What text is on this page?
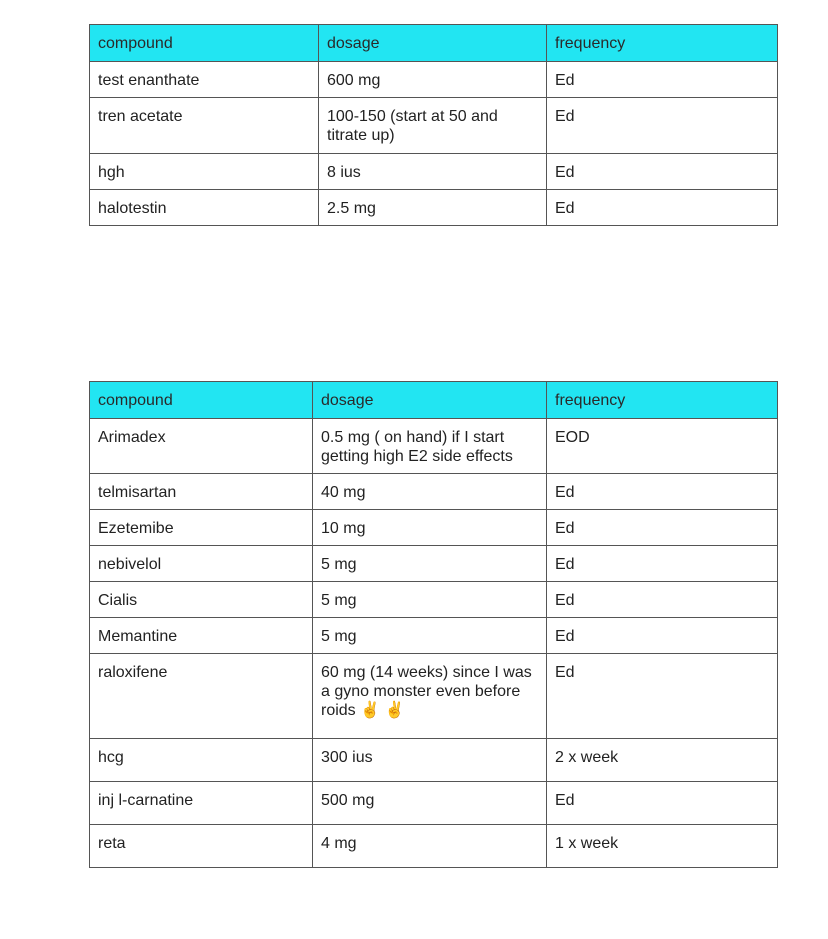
compound	dosage	frequency
test enanthate	600 mg	Ed
tren acetate	100-150 (start at 50 and titrate up)	Ed
hgh	8 ius	Ed
halotestin	2.5 mg	Ed
compound	dosage	frequency
Arimadex	0.5 mg ( on hand) if I start getting high E2 side effects	EOD
telmisartan	40 mg	Ed
Ezetemibe	10 mg	Ed
nebivelol	5 mg	Ed
Cialis	5 mg	Ed
Memantine	5 mg	Ed
raloxifene	60 mg (14 weeks) since I was a gyno monster even before roids ✌️ ✌️	Ed
hcg	300 ius	2 x week
inj l-carnatine	500 mg	Ed
reta	4 mg	1 x week
